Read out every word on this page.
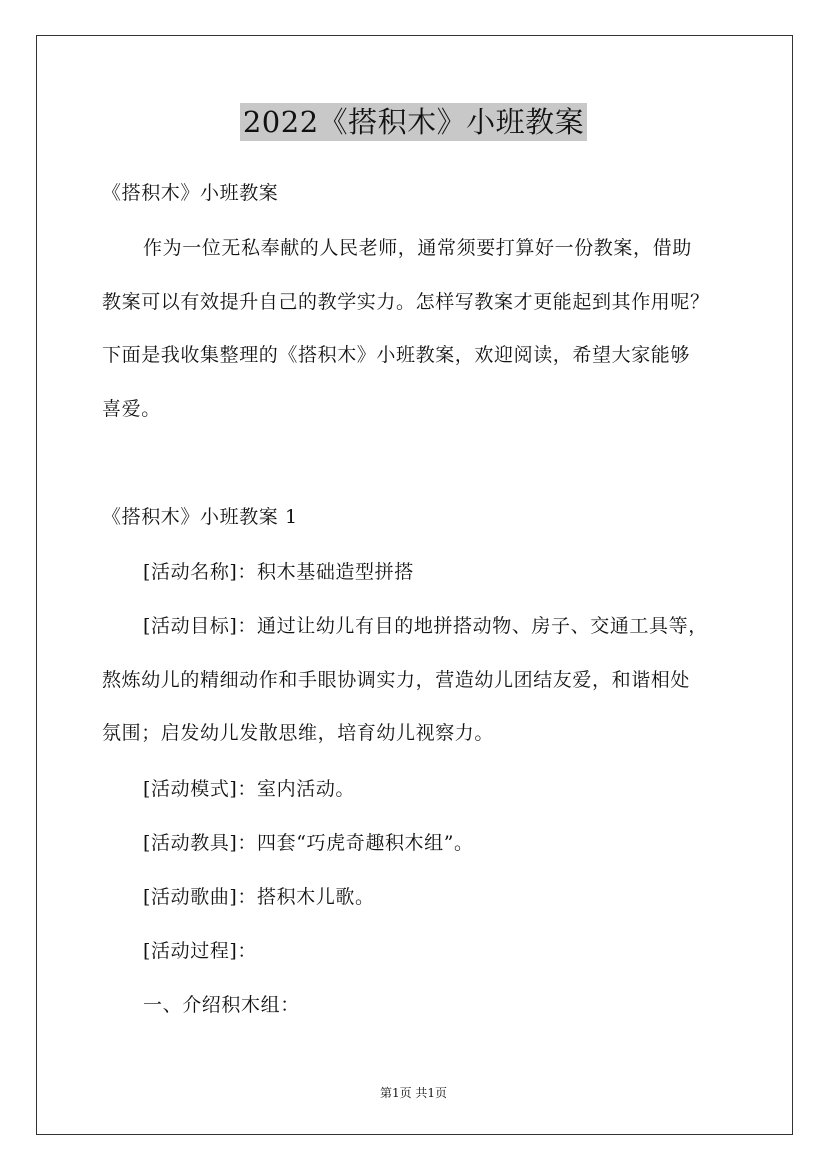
2022《搭积木》小班教案
《搭积木》小班教案
作为一位无私奉献的人民老师，通常须要打算好一份教案，借助
教案可以有效提升自己的教学实力。怎样写教案才更能起到其作用呢？
下面是我收集整理的《搭积木》小班教案，欢迎阅读，希望大家能够
喜爱。
《搭积木》小班教案 1
[活动名称]：积木基础造型拼搭
[活动目标]：通过让幼儿有目的地拼搭动物、房子、交通工具等，
熬炼幼儿的精细动作和手眼协调实力，营造幼儿团结友爱，和谐相处
氛围；启发幼儿发散思维，培育幼儿视察力。
[活动模式]：室内活动。
[活动教具]：四套“巧虎奇趣积木组”。
[活动歌曲]：搭积木儿歌。
[活动过程]：
一、介绍积木组：
第1页 共1页
